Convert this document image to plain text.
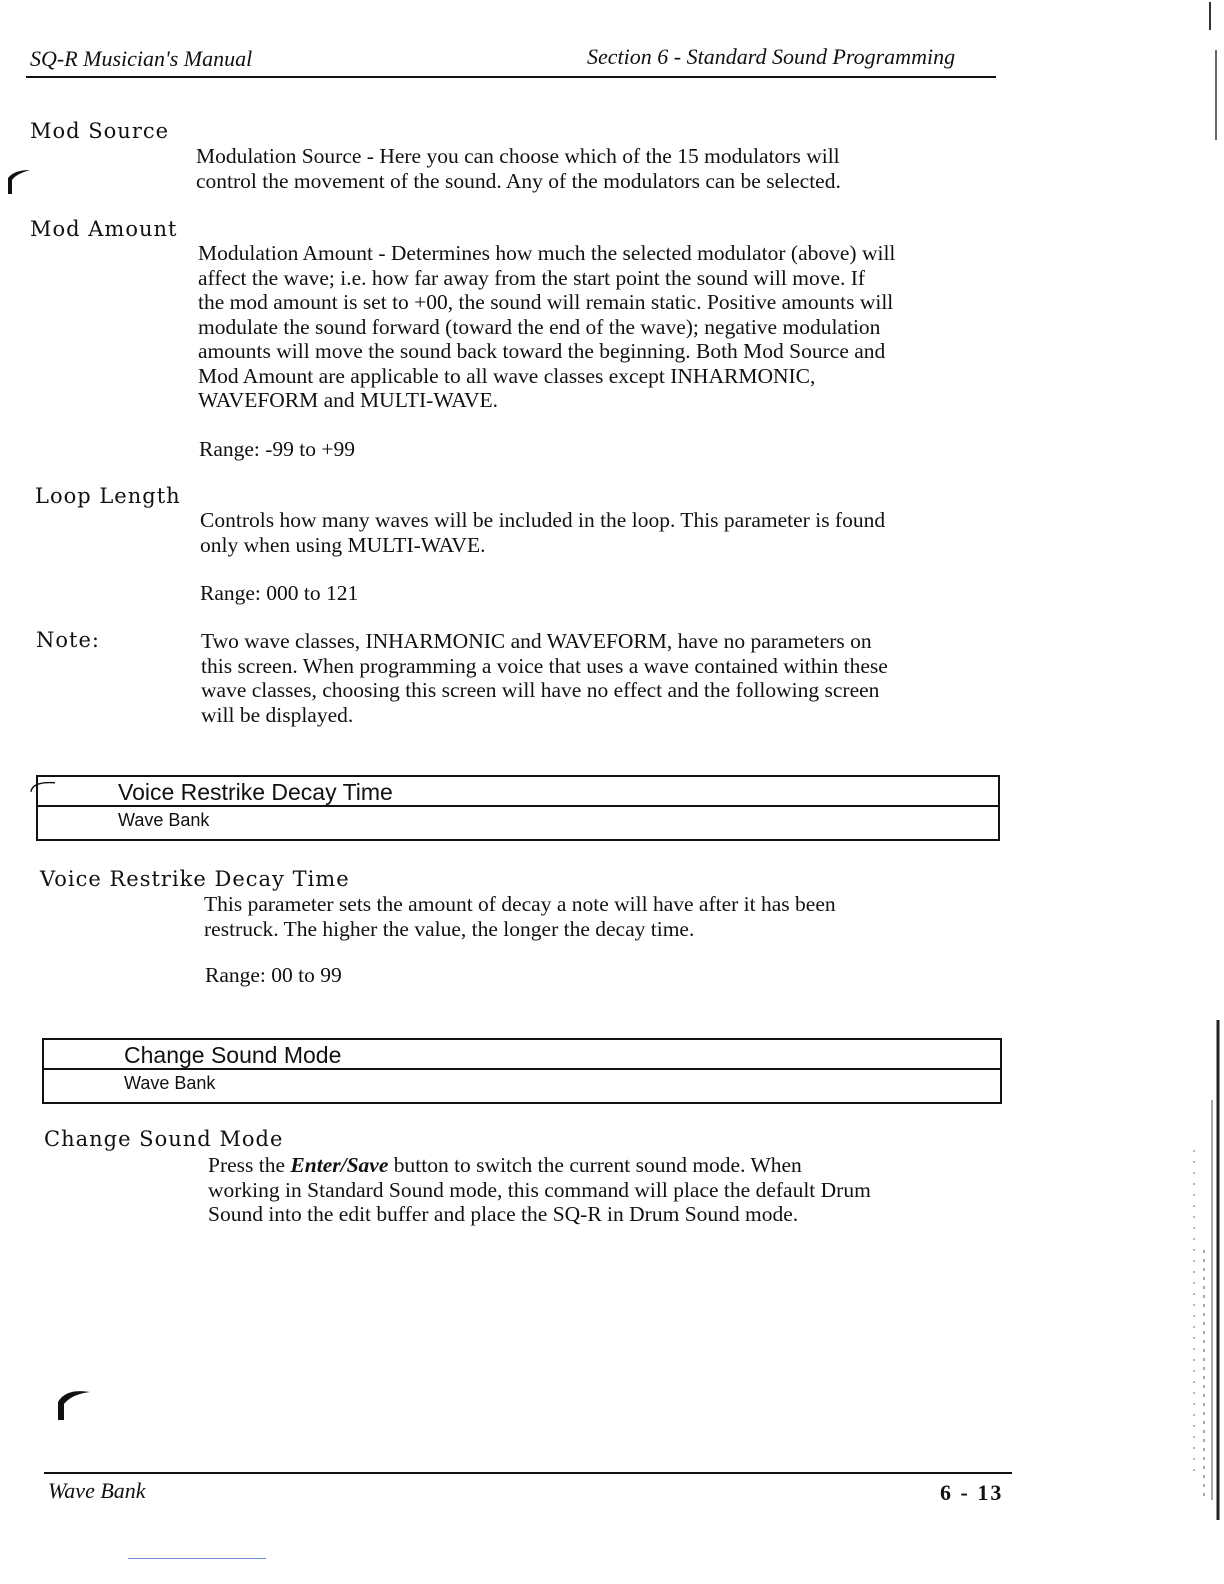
SQ-R Musician's Manual	Section 6 - Standard Sound Programming
Mod Source
Modulation Source - Here you can choose which of the 15 modulators will
control the movement of the sound. Any of the modulators can be selected.
Mod Amount
Modulation Amount - Determines how much the selected modulator (above) will
affect the wave; i.e. how far away from the start point the sound will move. If
the mod amount is set to +00, the sound will remain static. Positive amounts will
modulate the sound forward (toward the end of the wave); negative modulation
amounts will move the sound back toward the beginning. Both Mod Source and
Mod Amount are applicable to all wave classes except INHARMONIC,
WAVEFORM and MULTI-WAVE.
Range: -99 to +99
Loop Length
Controls how many waves will be included in the loop. This parameter is found
only when using MULTI-WAVE.
Range: 000 to 121
Note:	Two wave classes, INHARMONIC and WAVEFORM, have no parameters on
this screen. When programming a voice that uses a wave contained within these
wave classes, choosing this screen will have no effect and the following screen
will be displayed.
Voice Restrike Decay Time
Wave Bank
Voice Restrike Decay Time
This parameter sets the amount of decay a note will have after it has been
restruck. The higher the value, the longer the decay time.
Range: 00 to 99
Change Sound Mode
Wave Bank
Change Sound Mode
Press the Enter/Save button to switch the current sound mode. When
working in Standard Sound mode, this command will place the default Drum
Sound into the edit buffer and place the SQ-R in Drum Sound mode.
Wave Bank	6 - 13
